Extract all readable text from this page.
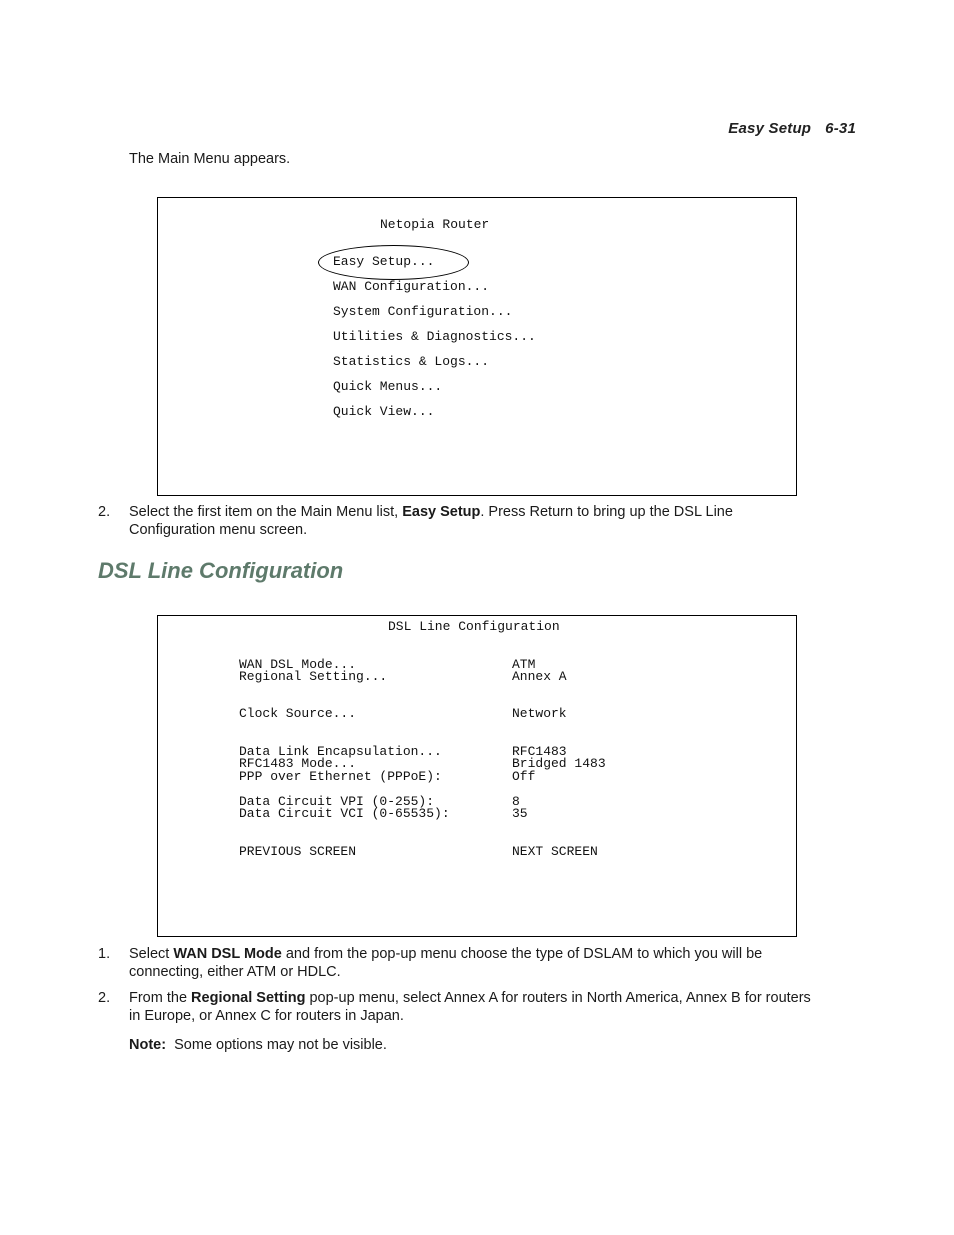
Easy Setup 6-31
The Main Menu appears.
Netopia Router
Easy Setup...
WAN Configuration...
System Configuration...
Utilities & Diagnostics...
Statistics & Logs...
Quick Menus...
Quick View...
2.	Select the first item on the Main Menu list, Easy Setup. Press Return to bring up the DSL Line
Configuration menu screen.
DSL Line Configuration
DSL Line Configuration
WAN DSL Mode...	ATM
Regional Setting...	Annex A
Clock Source...	Network
Data Link Encapsulation...	RFC1483
RFC1483 Mode...	Bridged 1483
PPP over Ethernet (PPPoE):	Off
Data Circuit VPI (0-255):	8
Data Circuit VCI (0-65535):	35
PREVIOUS SCREEN	NEXT SCREEN
1.	Select WAN DSL Mode and from the pop-up menu choose the type of DSLAM to which you will be
connecting, either ATM or HDLC.
2.	From the Regional Setting pop-up menu, select Annex A for routers in North America, Annex B for routers
in Europe, or Annex C for routers in Japan.
Note: Some options may not be visible.
